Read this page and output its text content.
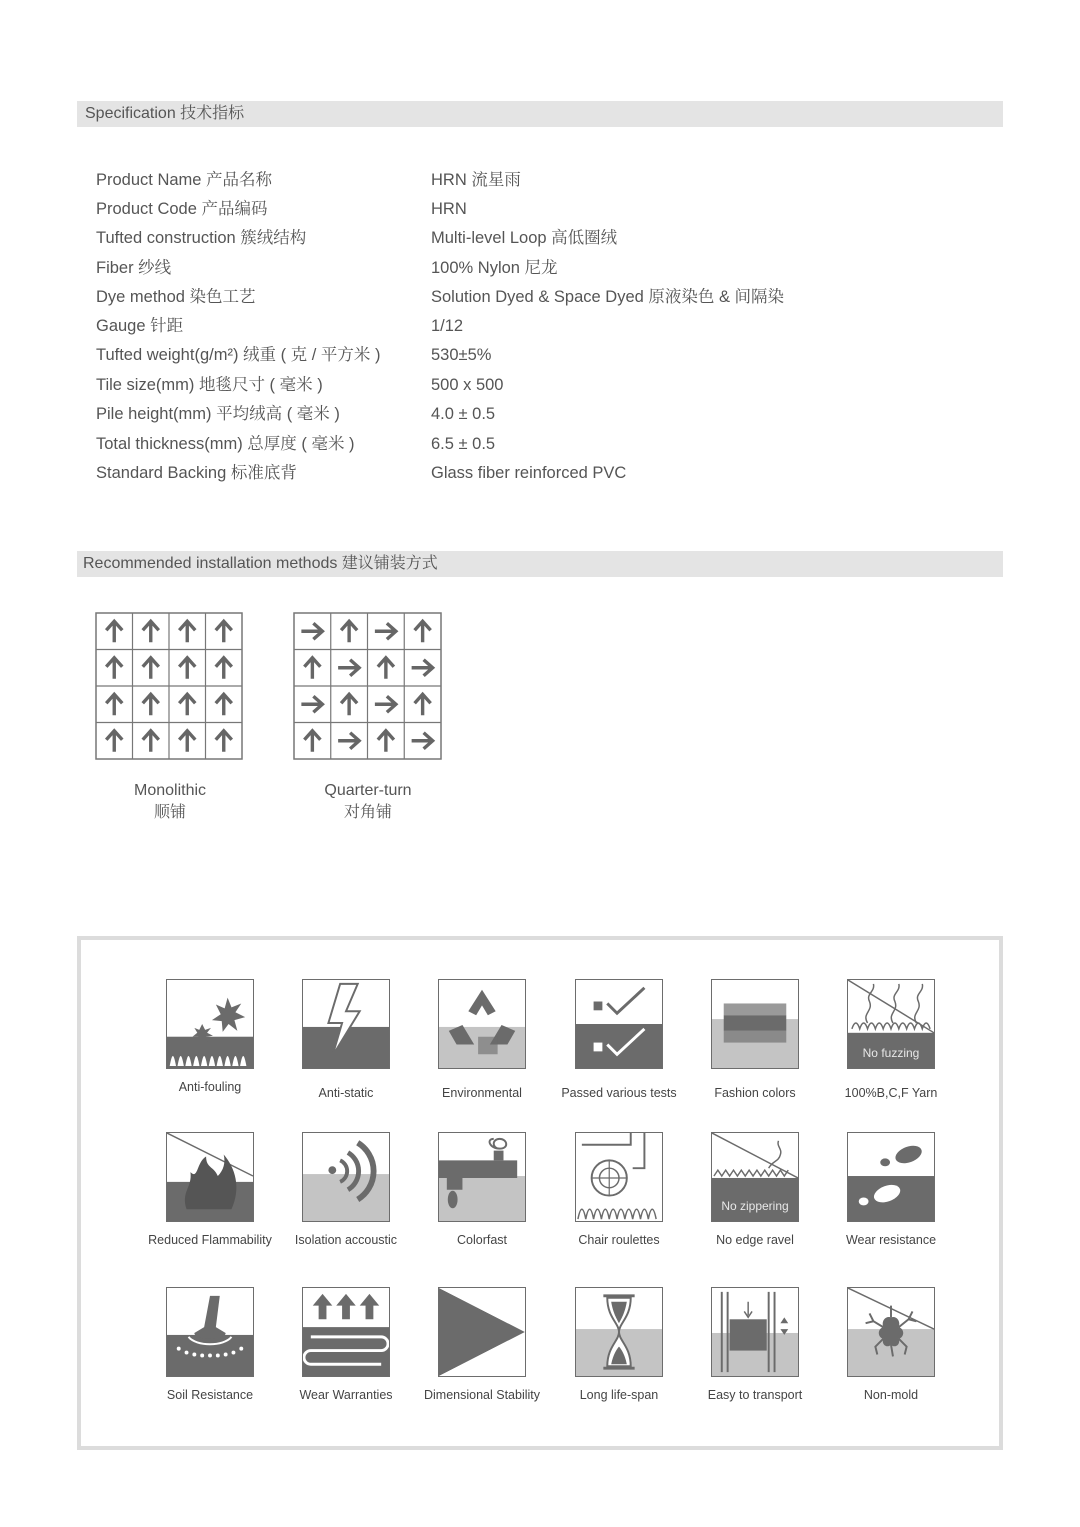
Specification 技术指标
Product Name 产品名称	HRN 流星雨
Product Code 产品编码	HRN
Tufted construction 簇绒结构	Multi-level Loop 高低圈绒
Fiber 纱线	100% Nylon 尼龙
Dye method 染色工艺	Solution Dyed & Space Dyed 原液染色 & 间隔染
Gauge 针距	1/12
Tufted weight(g/m²) 绒重 ( 克 / 平方米 )	530±5%
Tile size(mm) 地毯尺寸 ( 毫米 )	500 x 500
Pile height(mm) 平均绒高 ( 毫米 )	4.0 ± 0.5
Total thickness(mm) 总厚度 ( 毫米 )	6.5 ± 0.5
Standard Backing 标准底背	Glass fiber reinforced PVC
Recommended installation methods 建议铺装方式
Monolithic
顺铺
Quarter-turn
对角铺
Anti-fouling	Anti-static	Environmental	Passed various tests	Fashion colors
No fuzzing
100%B,C,F Yarn
Reduced Flammability	Isolation accoustic	Colorfast	Chair roulettes
No zippering
No edge ravel	Wear resistance
Soil Resistance	Wear Warranties	Dimensional Stability	Long life-span	Easy to transport	Non-mold
